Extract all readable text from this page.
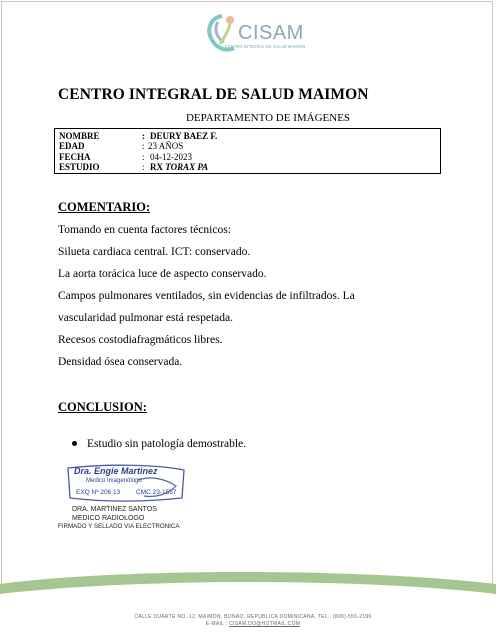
CISAM
CENTRO INTEGRAL DE SALUD MAIMON
CENTRO INTEGRAL DE SALUD MAIMON
DEPARTAMENTO DE IMÁGENES
NOMBRE	: DEURY BAEZ F.
EDAD	: 23 AÑOS
FECHA	: 04-12-2023
ESTUDIO	: RX TORAX PA
COMENTARIO:
Tomando en cuenta factores técnicos:
Silueta cardiaca central. ICT: conservado.
La aorta torácica luce de aspecto conservado.
Campos pulmonares ventilados, sin evidencias de infiltrados. La
vascularidad pulmonar está respetada.
Recesos costodiafragmáticos libres.
Densidad ósea conservada.
CONCLUSION:
Estudio sin patología demostrable.
Dra. Engie Martinez
Medico Imagenólogo
EXQ Nº 206 13 CMC 23-1557
DRA. MARTINEZ SANTOS
MEDICO RADIOLOGO
FIRMADO Y SELLADO VIA ELECTRONICA
CALLE DUARTE NO. 12, MAIMÓN, BONAO, REPUBLICA DOMINICANA, TEL.: (809)-555-2196
E-MAIL : CISAM.DO@HOTMAIL.COM
